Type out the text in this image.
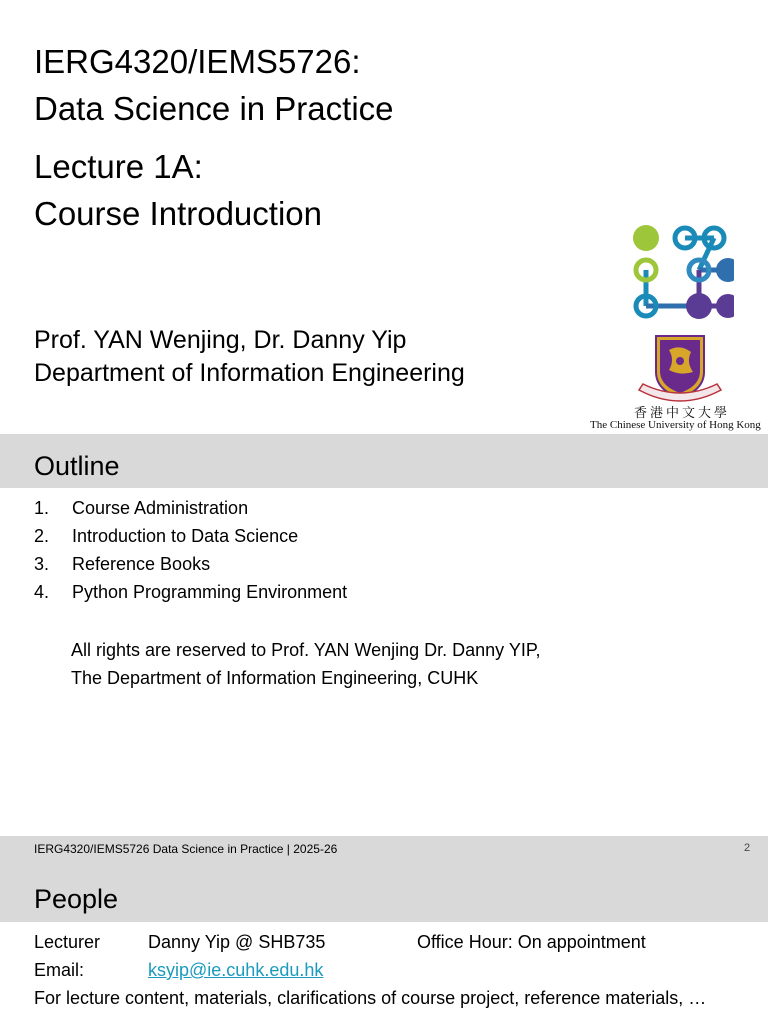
IERG4320/IEMS5726:
Data Science in Practice
Lecture 1A:
Course Introduction
Prof. YAN Wenjing, Dr. Danny Yip
Department of Information Engineering
香港中文大學
The Chinese University of Hong Kong
Outline
1.	Course Administration
2.	Introduction to Data Science
3.	Reference Books
4.	Python Programming Environment
All rights are reserved to Prof. YAN Wenjing Dr. Danny YIP,
The Department of Information Engineering, CUHK
IERG4320/IEMS5726 Data Science in Practice | 2025-26	2
People
Lecturer	Danny Yip @ SHB735	Office Hour: On appointment
Email:	ksyip@ie.cuhk.edu.hk
For lecture content, materials, clarifications of course project, reference materials, …
